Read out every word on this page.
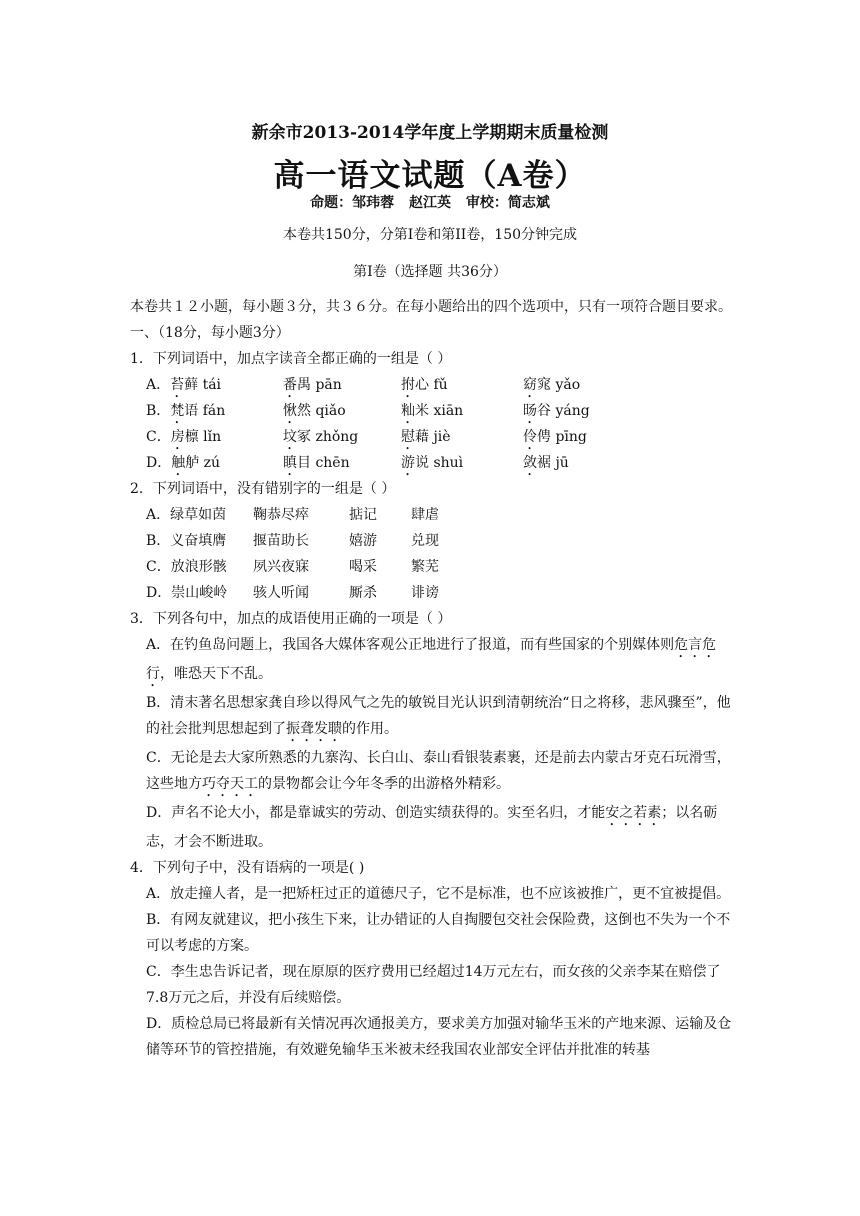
新余市2013-2014学年度上学期期末质量检测
高一语文试题（A卷）
命题：邹玮蓉 赵江英 审校：简志斌
本卷共150分，分第Ⅰ卷和第II卷，150分钟完成
第Ⅰ卷（选择题 共36分）

本卷共１２小题，每小题３分，共３６分。在每小题给出的四个选项中，只有一项符合题目要求。

一、（18分，每小题3分）

1．下列词语中，加点字读音全都正确的一组是（ ）

A．苔藓 tái	番禺 pān	拊心 fǔ	窈窕 yǎo
B．梵语 fán	愀然 qiǎo	籼米 xiān	旸谷 yáng
C．房檩 lǐn	坟冢 zhǒng	慰藉 jiè	伶俜 pīng
D．触舻 zú	瞋目 chēn	游说 shuì	敛裾 jū

2．下列词语中，没有错别字的一组是（ ）

A．绿草如茵	鞠恭尽瘁	掂记	肆虐
B．义奋填膺	揠苗助长	嬉游	兑现
C．放浪形骸	夙兴夜寐	喝采	繁芜
D．崇山峻岭	骇人听闻	厮杀	诽谤

3．下列各句中，加点的成语使用正确的一项是（ ）

A．在钓鱼岛问题上，我国各大媒体客观公正地进行了报道，而有些国家的个别媒体则危言危行，唯恐天下不乱。

B．清末著名思想家龚自珍以得风气之先的敏锐目光认识到清朝统治“日之将移，悲风骤至”，他的社会批判思想起到了振聋发聩的作用。

C．无论是去大家所熟悉的九寨沟、长白山、泰山看银装素裹，还是前去内蒙古牙克石玩滑雪，这些地方巧夺天工的景物都会让今年冬季的出游格外精彩。

D．声名不论大小，都是靠诚实的劳动、创造实绩获得的。实至名归，才能安之若素；以名砺志，才会不断进取。

4．下列句子中，没有语病的一项是( )

A．放走撞人者，是一把矫枉过正的道德尺子，它不是标准，也不应该被推广，更不宜被提倡。

B．有网友就建议，把小孩生下来，让办错证的人自掏腰包交社会保险费，这倒也不失为一个不可以考虑的方案。

C．李生忠告诉记者，现在原原的医疗费用已经超过14万元左右，而女孩的父亲李某在赔偿了7.8万元之后，并没有后续赔偿。

D．质检总局已将最新有关情况再次通报美方，要求美方加强对输华玉米的产地来源、运输及仓储等环节的管控措施，有效避免输华玉米被未经我国农业部安全评估并批准的转基
